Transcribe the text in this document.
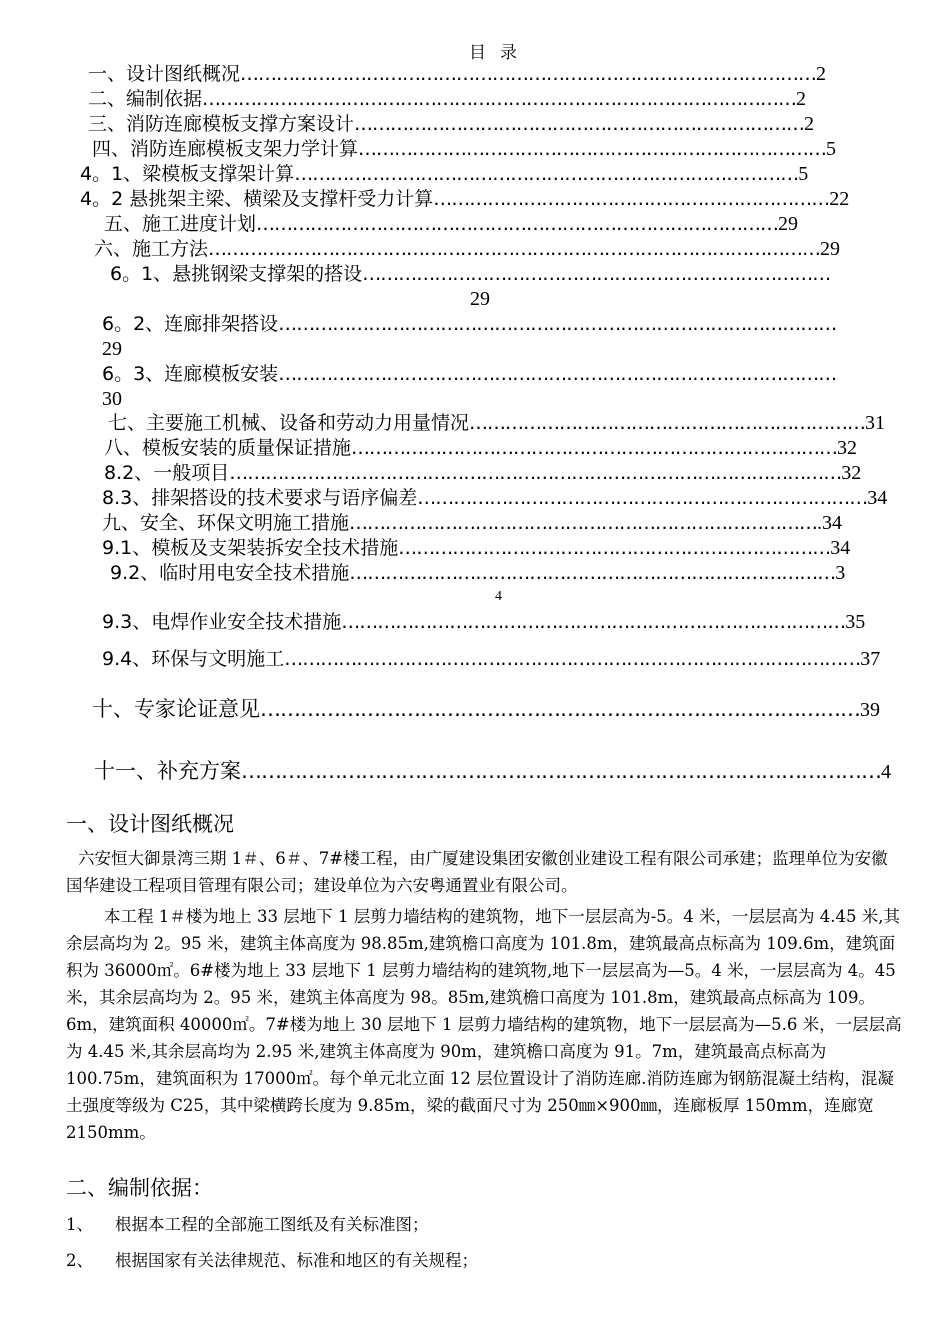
目录
一、设计图纸概况……………………………………………………………………………………2
二、编制依据………………………………………………………………………………………2
三、消防连廊模板支撑方案设计…………………………………………………………………2
四、消防连廊模板支架力学计算……………………………………………………………………5
4。1、梁模板支撑架计算…………………………………………………………………………5
4。2 悬挑架主梁、横梁及支撑杆受力计算…………………………………………………………22
五、施工进度计划……………………………………………………………………………29
六、施工方法…………………………………………………………………………………………29
6。1、悬挑钢梁支撑架的搭设……………………………………………………………………
29
6。2、连廊排架搭设…………………………………………………………………………………
29
6。3、连廊模板安装…………………………………………………………………………………
30
七、主要施工机械、设备和劳动力用量情况…………………………………………………………31
八、模板安装的质量保证措施………………………………………………………………………32
8.2、一般项目…………………………………………………………………………………………32
8.3、排架搭设的技术要求与语序偏差…………………………………………………………………34
九、安全、环保文明施工措施…………………………………………………………………….34
9.1、模板及支架装拆安全技术措施………………………………………………………………34
9.2、临时用电安全技术措施………………………………………………………………………3
4
9.3、电焊作业安全技术措施…………………………………………………………………………35
9.4、环保与文明施工……………………………………………………………………………………37
十、专家论证意见………………………………………………………………………………39
十一、补充方案……………………………………………………………………………………4
一、设计图纸概况
六安恒大御景湾三期 1＃、6＃、7#楼工程，由广厦建设集团安徽创业建设工程有限公司承建；监理单位为安徽国华建设工程项目管理有限公司；建设单位为六安粤通置业有限公司。
本工程 1＃楼为地上 33 层地下 1 层剪力墙结构的建筑物，地下一层层高为-5。4 米，一层层高为 4.45 米,其余层高均为 2。95 米，建筑主体高度为 98.85m,建筑檐口高度为 101.8m，建筑最高点标高为 109.6m，建筑面积为 36000㎡。6#楼为地上 33 层地下 1 层剪力墙结构的建筑物,地下一层层高为—5。4 米，一层层高为 4。45 米，其余层高均为 2。95 米，建筑主体高度为 98。85m,建筑檐口高度为 101.8m，建筑最高点标高为 109。6m，建筑面积 40000㎡。7#楼为地上 30 层地下 1 层剪力墙结构的建筑物，地下一层层高为—5.6 米，一层层高为 4.45 米,其余层高均为 2.95 米,建筑主体高度为 90m，建筑檐口高度为 91。7m，建筑最高点标高为 100.75m，建筑面积为 17000㎡。每个单元北立面 12 层位置设计了消防连廊.消防连廊为钢筋混凝土结构，混凝土强度等级为 C25，其中梁横跨长度为 9.85m，梁的截面尺寸为 250㎜×900㎜，连廊板厚 150mm，连廊宽 2150mm。
二、编制依据：
1、 根据本工程的全部施工图纸及有关标准图；
2、 根据国家有关法律规范、标准和地区的有关规程；
